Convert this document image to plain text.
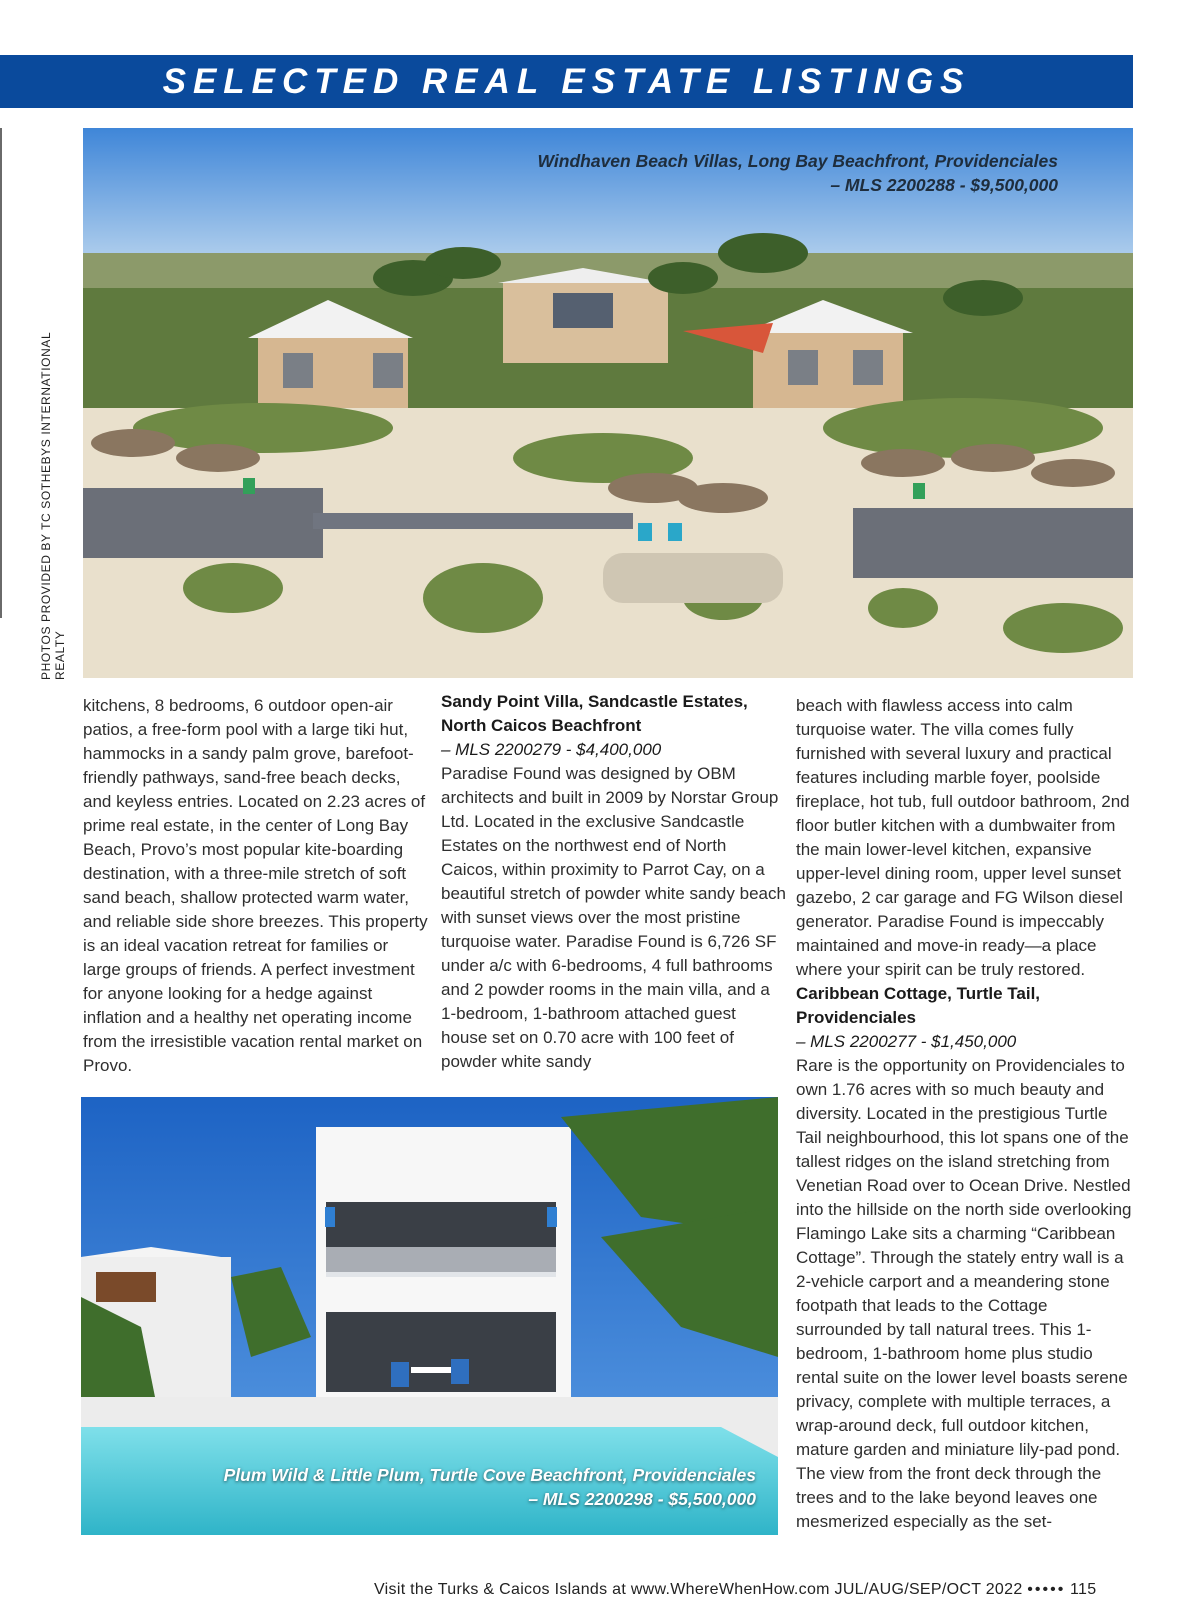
SELECTED REAL ESTATE LISTINGS
PHOTOS PROVIDED BY TC SOTHEBYS INTERNATIONAL REALTY
Windhaven Beach Villas, Long Bay Beachfront, Providenciales
– MLS 2200288 - $9,500,000

kitchens, 8 bedrooms, 6 outdoor open-air patios, a free-form pool with a large tiki hut, hammocks in a sandy palm grove, barefoot-friendly pathways, sand-free beach decks, and keyless entries. Located on 2.23 acres of prime real estate, in the center of Long Bay Beach, Provo’s most popular kite-boarding destination, with a three-mile stretch of soft sand beach, shallow protected warm water, and reliable side shore breezes. This property is an ideal vacation retreat for families or large groups of friends. A perfect investment for anyone looking for a hedge against inflation and a healthy net operating income from the irresistible vacation rental market on Provo.

Sandy Point Villa, Sandcastle Estates, North Caicos Beachfront
– MLS 2200279 - $4,400,000

Paradise Found was designed by OBM architects and built in 2009 by Norstar Group Ltd. Located in the exclusive Sandcastle Estates on the northwest end of North Caicos, within proximity to Parrot Cay, on a beautiful stretch of powder white sandy beach with sunset views over the most pristine turquoise water. Paradise Found is 6,726 SF under a/c with 6-bedrooms, 4 full bathrooms and 2 powder rooms in the main villa, and a 1-bedroom, 1-bathroom attached guest house set on 0.70 acre with 100 feet of powder white sandy

beach with flawless access into calm turquoise water. The villa comes fully furnished with several luxury and practical features including marble foyer, poolside fireplace, hot tub, full outdoor bathroom, 2nd floor butler kitchen with a dumbwaiter from the main lower-level kitchen, expansive upper-level dining room, upper level sunset gazebo, 2 car garage and FG Wilson diesel generator. Paradise Found is impeccably maintained and move-in ready—a place where your spirit can be truly restored.

Caribbean Cottage, Turtle Tail, Providenciales
– MLS 2200277 - $1,450,000

Rare is the opportunity on Providenciales to own 1.76 acres with so much beauty and diversity. Located in the prestigious Turtle Tail neighbourhood, this lot spans one of the tallest ridges on the island stretching from Venetian Road over to Ocean Drive. Nestled into the hillside on the north side overlooking Flamingo Lake sits a charming “Caribbean Cottage”. Through the stately entry wall is a 2-vehicle carport and a meandering stone footpath that leads to the Cottage surrounded by tall natural trees. This 1-bedroom, 1-bathroom home plus studio rental suite on the lower level boasts serene privacy, complete with multiple terraces, a wrap-around deck, full outdoor kitchen, mature garden and miniature lily-pad pond. The view from the front deck through the trees and to the lake beyond leaves one mesmerized especially as the set-

Plum Wild & Little Plum, Turtle Cove Beachfront, Providenciales
– MLS 2200298 - $5,500,000
Visit the Turks & Caicos Islands at www.WhereWhenHow.com JUL/AUG/SEP/OCT 2022 ••••• 115
